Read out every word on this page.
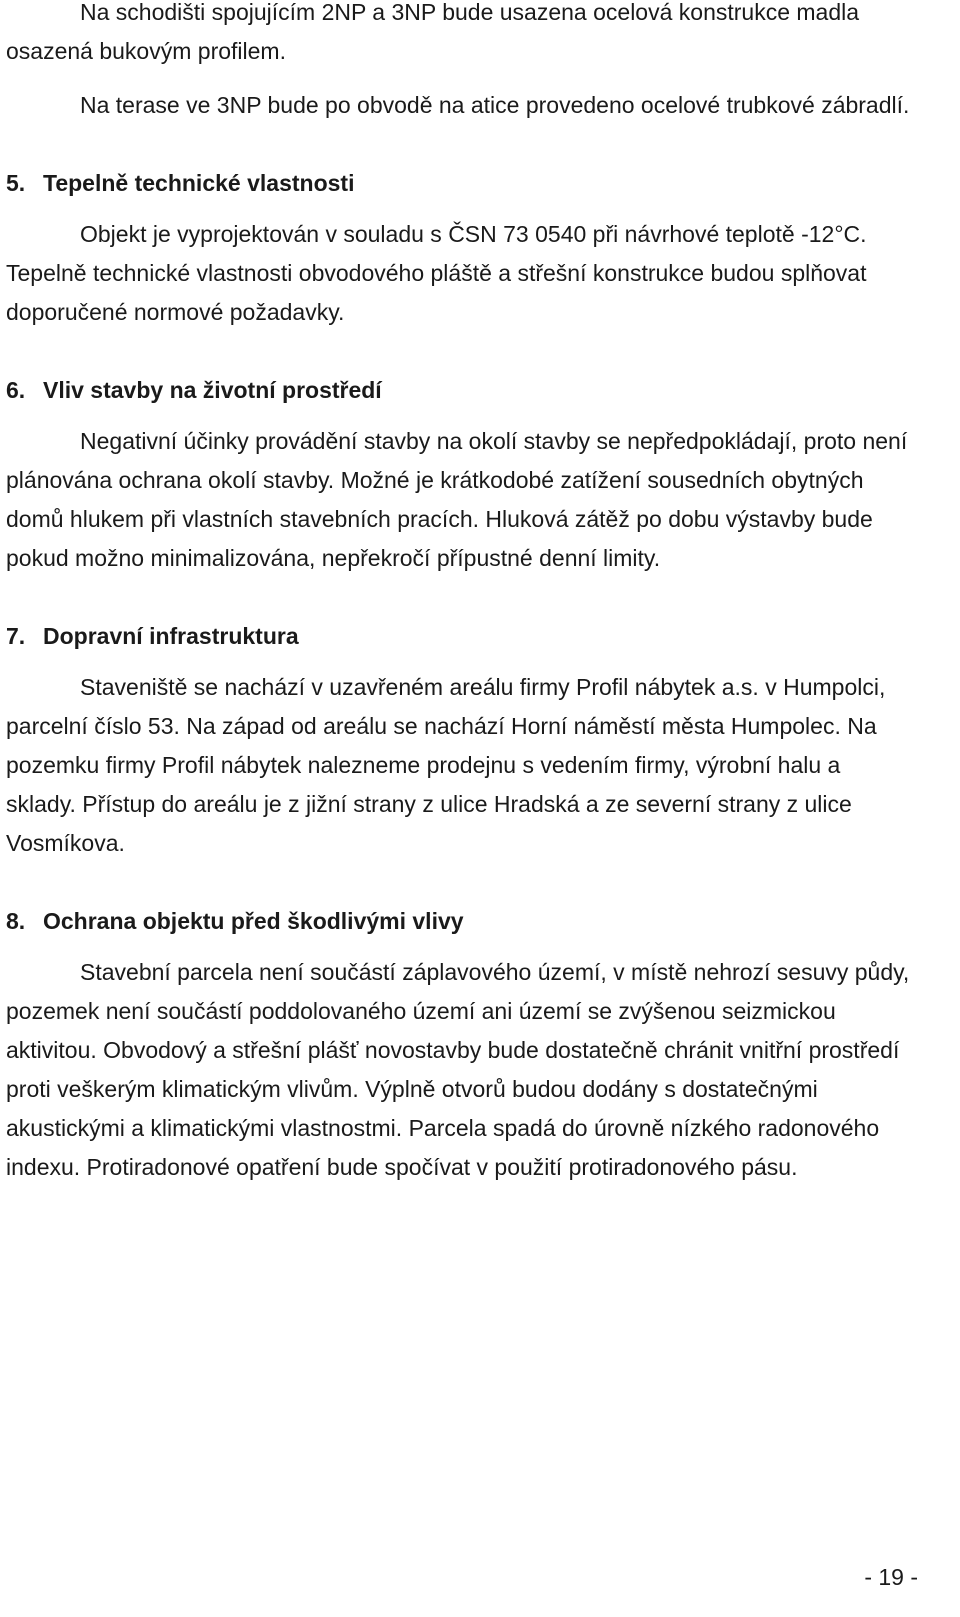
Na schodišti spojujícím 2NP a 3NP bude usazena ocelová konstrukce madla osazená bukovým profilem.

Na terase ve 3NP bude po obvodě na atice provedeno ocelové trubkové zábradlí.

5. Tepelně technické vlastnosti

Objekt je vyprojektován v souladu s ČSN 73 0540 při návrhové teplotě -12°C. Tepelně technické vlastnosti obvodového pláště a střešní konstrukce budou splňovat doporučené normové požadavky.

6. Vliv stavby na životní prostředí

Negativní účinky provádění stavby na okolí stavby se nepředpokládají, proto není plánována ochrana okolí stavby. Možné je krátkodobé zatížení sousedních obytných domů hlukem při vlastních stavebních pracích. Hluková zátěž po dobu výstavby bude pokud možno minimalizována, nepřekročí přípustné denní limity.

7. Dopravní infrastruktura

Staveniště se nachází v uzavřeném areálu firmy Profil nábytek a.s. v Humpolci, parcelní číslo 53. Na západ od areálu se nachází Horní náměstí města Humpolec. Na pozemku firmy Profil nábytek nalezneme prodejnu s vedením firmy, výrobní halu a sklady. Přístup do areálu je z jižní strany z ulice Hradská a ze severní strany z ulice Vosmíkova.

8. Ochrana objektu před škodlivými vlivy

Stavební parcela není součástí záplavového území, v místě nehrozí sesuvy půdy, pozemek není součástí poddolovaného území ani území se zvýšenou seizmickou aktivitou. Obvodový a střešní plášť novostavby bude dostatečně chránit vnitřní prostředí proti veškerým klimatickým vlivům. Výplně otvorů budou dodány s dostatečnými akustickými a klimatickými vlastnostmi. Parcela spadá do úrovně nízkého radonového indexu. Protiradonové opatření bude spočívat v použití protiradonového pásu.

- 19 -
